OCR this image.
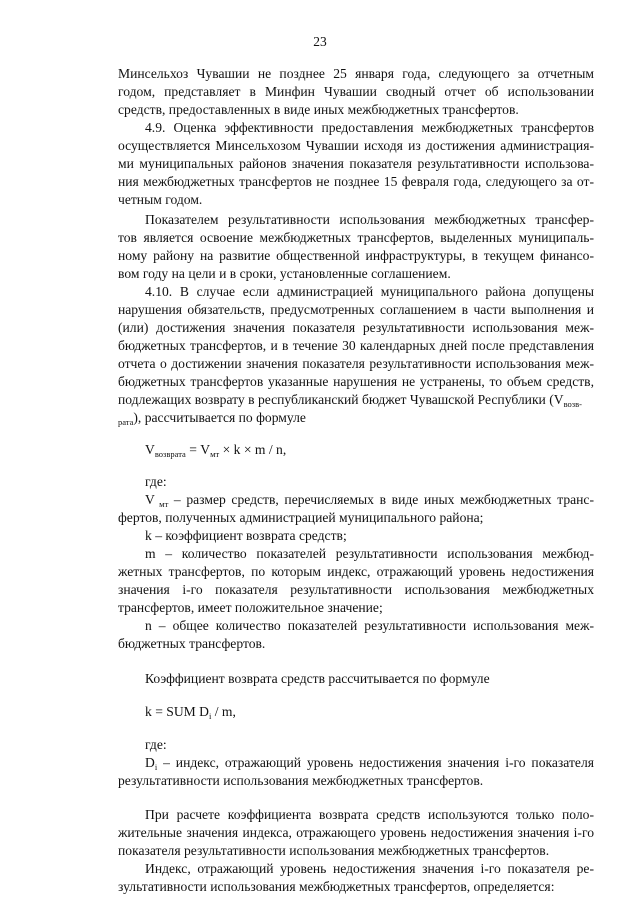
23
Минсельхоз Чувашии не позднее 25 января года, следующего за отчетным
годом, представляет в Минфин Чувашии сводный отчет об использовании
средств, предоставленных в виде иных межбюджетных трансфертов.
4.9. Оценка эффективности предоставления межбюджетных трансфертов
осуществляется Минсельхозом Чувашии исходя из достижения администрация-
ми муниципальных районов значения показателя результативности использова-
ния межбюджетных трансфертов не позднее 15 февраля года, следующего за от-
четным годом.
Показателем результативности использования межбюджетных трансфер-
тов является освоение межбюджетных трансфертов, выделенных муниципаль-
ному району на развитие общественной инфраструктуры, в текущем финансо-
вом году на цели и в сроки, установленные соглашением.
4.10. В случае если администрацией муниципального района допущены
нарушения обязательств, предусмотренных соглашением в части выполнения и
(или) достижения значения показателя результативности использования меж-
бюджетных трансфертов, и в течение 30 календарных дней после представления
отчета о достижении значения показателя результативности использования меж-
бюджетных трансфертов указанные нарушения не устранены, то объем средств,
подлежащих возврату в республиканский бюджет Чувашской Республики ($V_{возв-}$
$_{рата}$), рассчитывается по формуле
$V_{возврата} = V_{мт} \times k \times m / n$,
где:
V $_{мт}$ – размер средств, перечисляемых в виде иных межбюджетных транс-
фертов, полученных администрацией муниципального района;
k – коэффициент возврата средств;
m – количество показателей результативности использования межбюд-
жетных трансфертов, по которым индекс, отражающий уровень недостижения
значения i-го показателя результативности использования межбюджетных
трансфертов, имеет положительное значение;
n – общее количество показателей результативности использования меж-
бюджетных трансфертов.
Коэффициент возврата средств рассчитывается по формуле
k = SUM $D_i$ / m,
где:
$D_i$ – индекс, отражающий уровень недостижения значения i-го показателя
результативности использования межбюджетных трансфертов.
При расчете коэффициента возврата средств используются только поло-
жительные значения индекса, отражающего уровень недостижения значения i-го
показателя результативности использования межбюджетных трансфертов.
Индекс, отражающий уровень недостижения значения i-го показателя ре-
зультативности использования межбюджетных трансфертов, определяется:
